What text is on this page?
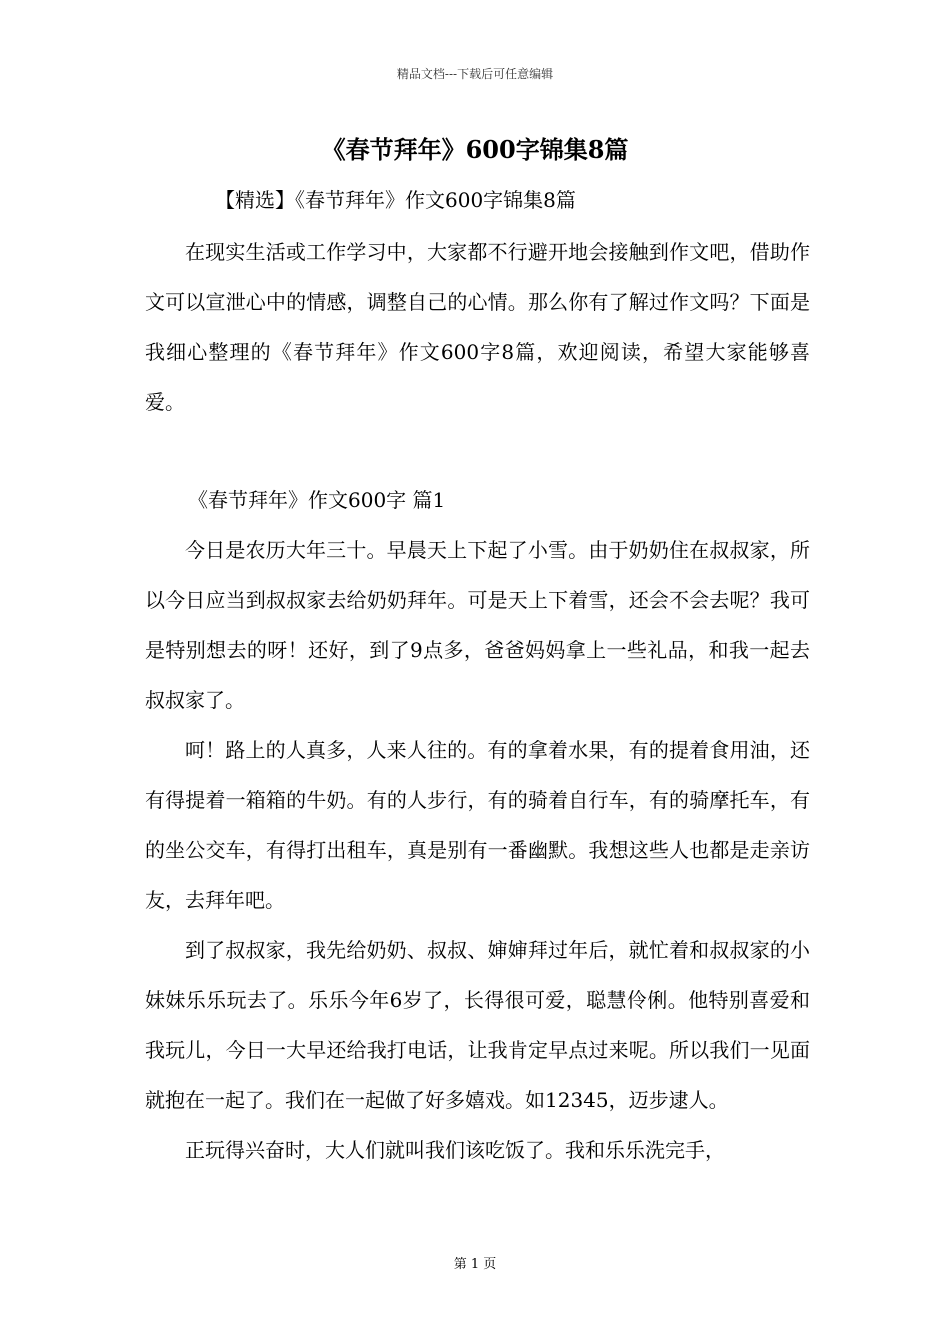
精品文档---下载后可任意编辑
《春节拜年》600字锦集8篇
【精选】《春节拜年》作文600字锦集8篇

在现实生活或工作学习中，大家都不行避开地会接触到作文吧，借助作文可以宣泄心中的情感，调整自己的心情。那么你有了解过作文吗？下面是我细心整理的《春节拜年》作文600字8篇，欢迎阅读，希望大家能够喜爱。

《春节拜年》作文600字 篇1

今日是农历大年三十。早晨天上下起了小雪。由于奶奶住在叔叔家，所以今日应当到叔叔家去给奶奶拜年。可是天上下着雪，还会不会去呢？我可是特别想去的呀！还好，到了9点多，爸爸妈妈拿上一些礼品，和我一起去叔叔家了。

呵！路上的人真多，人来人往的。有的拿着水果，有的提着食用油，还有得提着一箱箱的牛奶。有的人步行，有的骑着自行车，有的骑摩托车，有的坐公交车，有得打出租车，真是别有一番幽默。我想这些人也都是走亲访友，去拜年吧。

到了叔叔家，我先给奶奶、叔叔、婶婶拜过年后，就忙着和叔叔家的小妹妹乐乐玩去了。乐乐今年6岁了，长得很可爱，聪慧伶俐。他特别喜爱和我玩儿，今日一大早还给我打电话，让我肯定早点过来呢。所以我们一见面就抱在一起了。我们在一起做了好多嬉戏。如12345，迈步逮人。

正玩得兴奋时，大人们就叫我们该吃饭了。我和乐乐洗完手，

第 1 页
